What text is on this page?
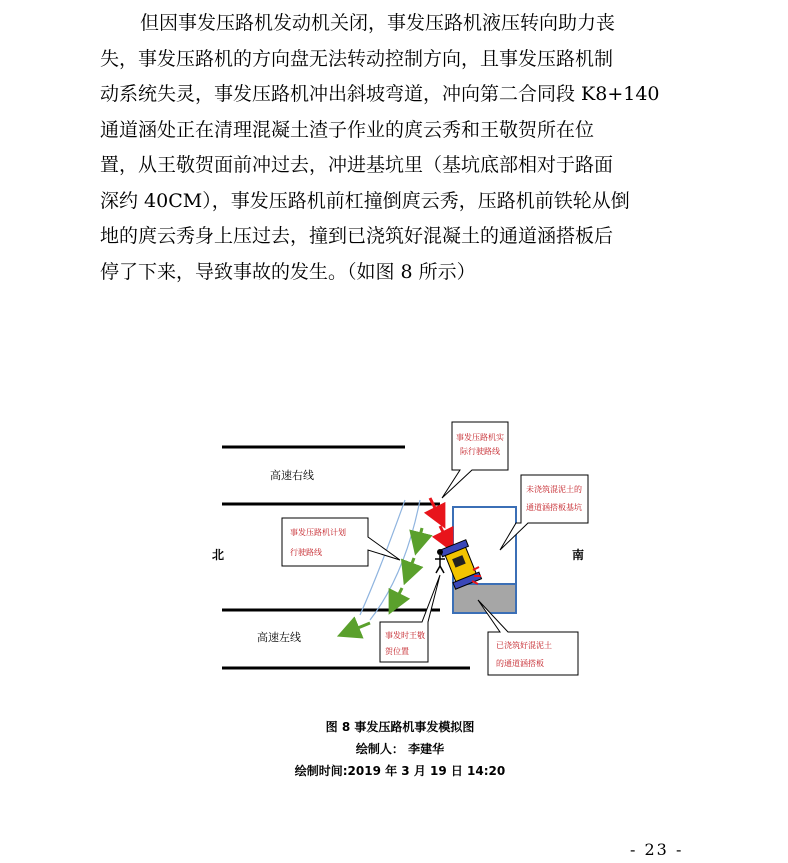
但因事发压路机发动机关闭，事发压路机液压转向助力丧
失，事发压路机的方向盘无法转动控制方向，且事发压路机制
动系统失灵，事发压路机冲出斜坡弯道，冲向第二合同段 K8+140
通道涵处正在清理混凝土渣子作业的庹云秀和王敬贺所在位
置，从王敬贺面前冲过去，冲进基坑里（基坑底部相对于路面
深约 40CM），事发压路机前杠撞倒庹云秀，压路机前铁轮从倒
地的庹云秀身上压过去，撞到已浇筑好混凝土的通道涵搭板后
停了下来，导致事故的发生。（如图 8 所示）
高速右线
高速左线
北	南
事发压路机实
际行驶路线
事发压路机计划
行驶路线
未浇筑混泥土的
通道涵搭板基坑
事发时王敬
贺位置
已浇筑好混泥土
的通道涵搭板
图 8 事发压路机事发模拟图
绘制人： 李建华
绘制时间:2019 年 3 月 19 日 14:20
- 23 -
